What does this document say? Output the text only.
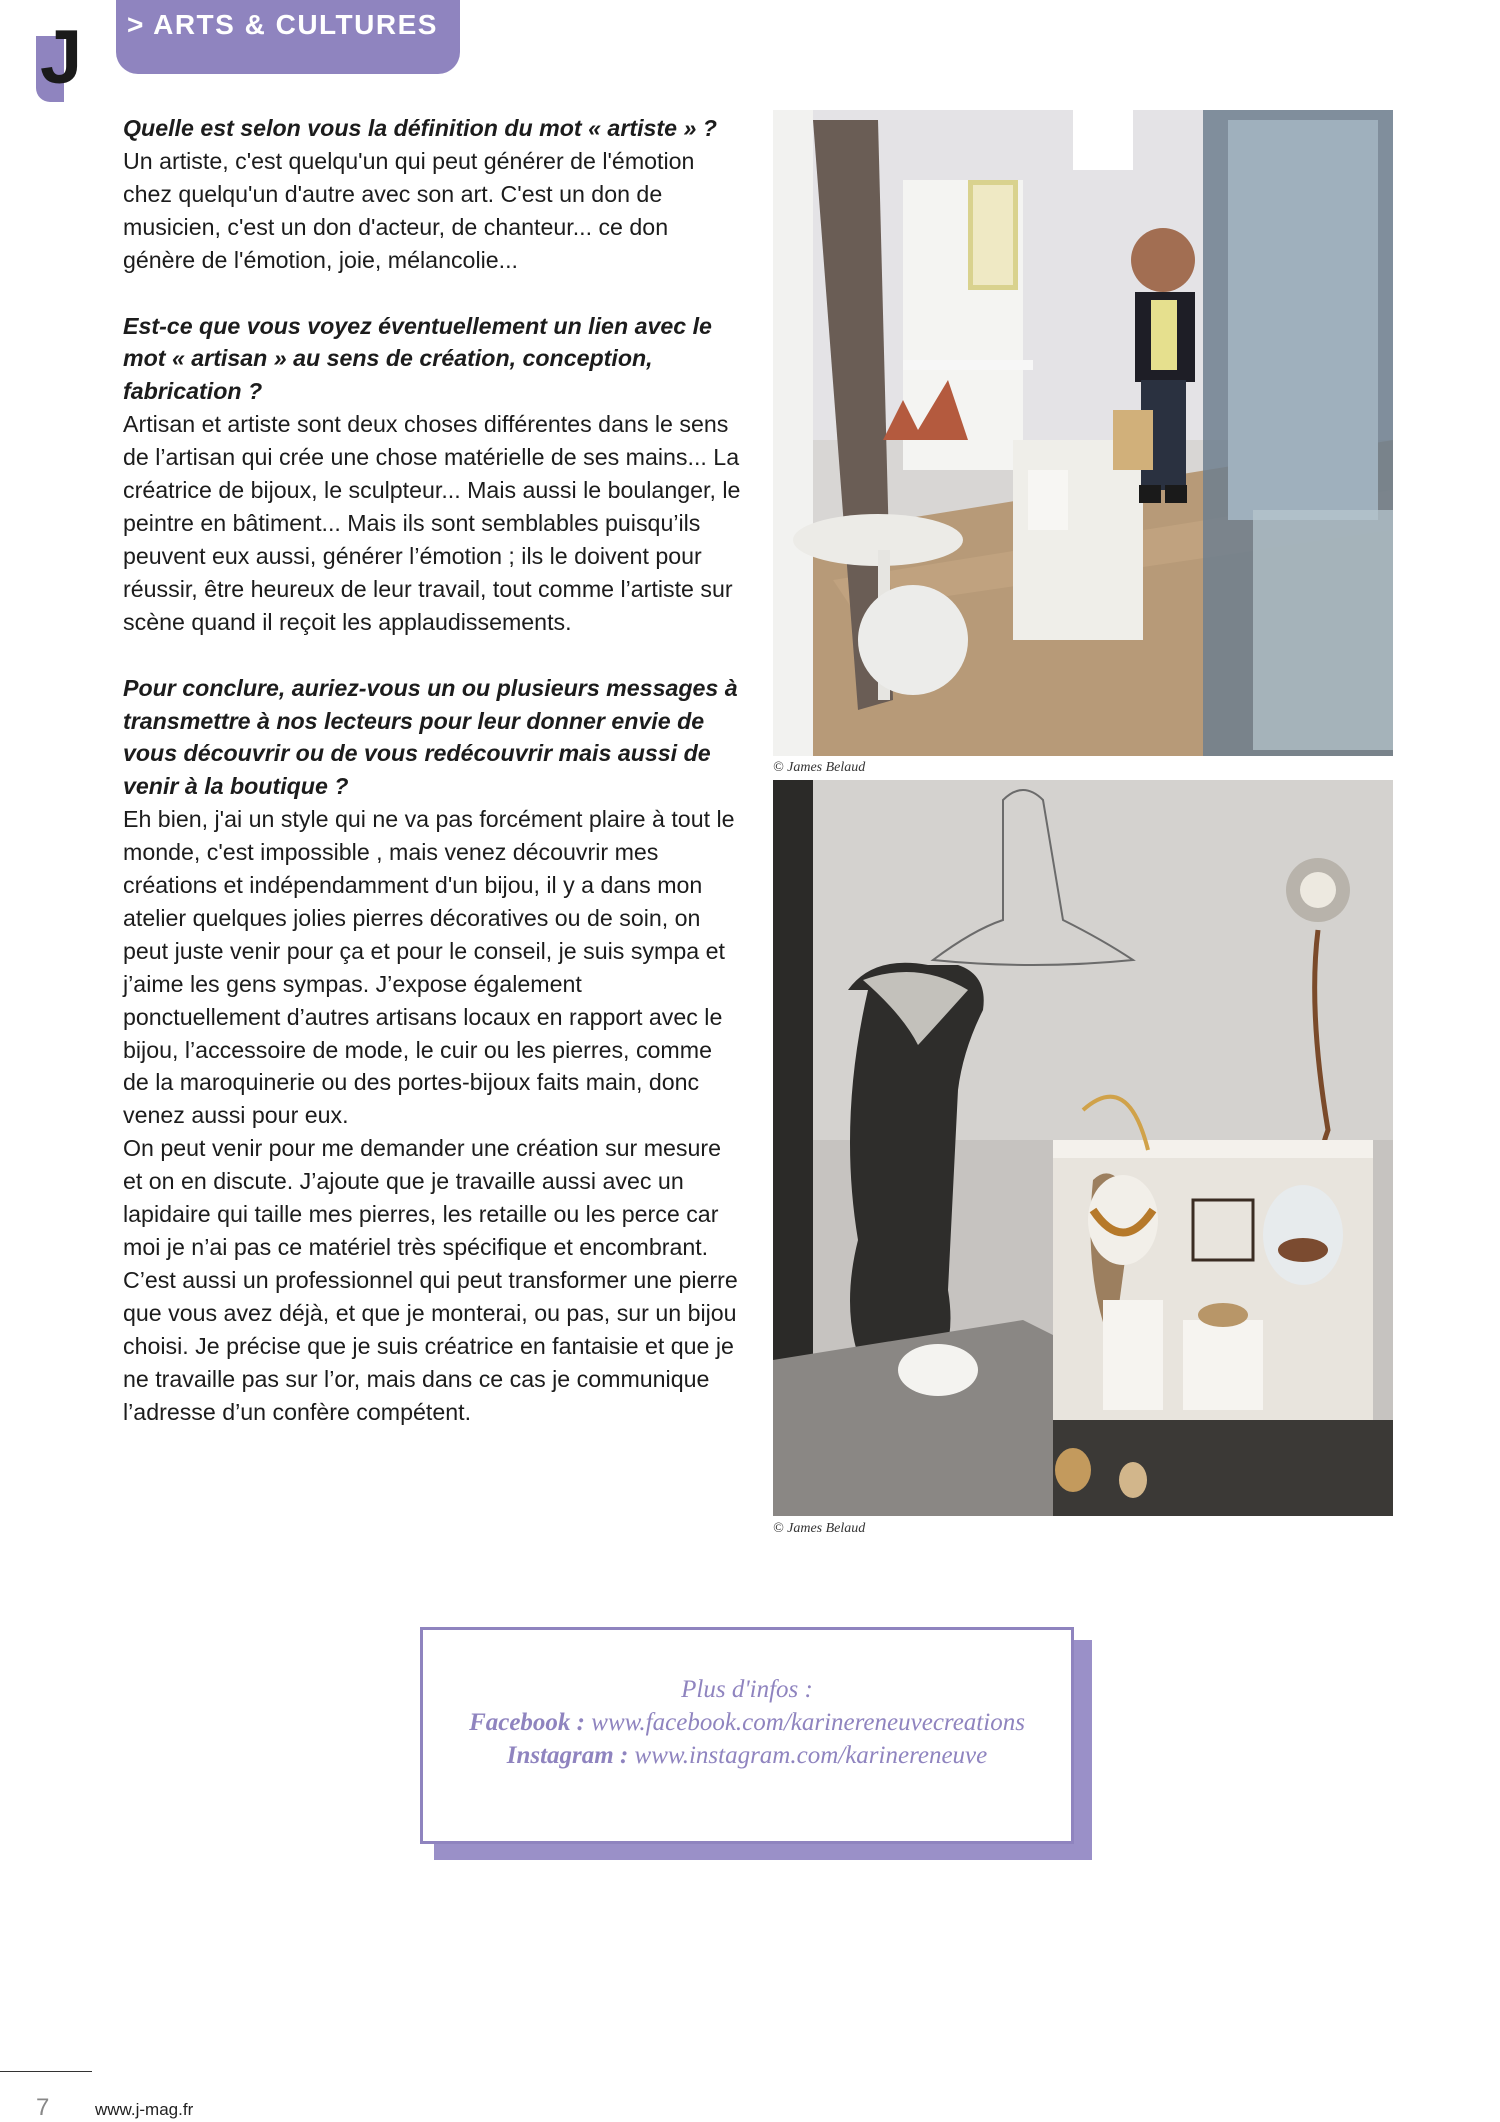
J > ARTS & CULTURES

Quelle est selon vous la définition du mot « artiste » ?

Un artiste, c'est quelqu'un qui peut générer de l'émotion chez quelqu'un d'autre avec son art. C'est un don de musicien, c'est un don d'acteur, de chanteur... ce don génère de l'émotion, joie, mélancolie...

Est-ce que vous voyez éventuellement un lien avec le mot « artisan » au sens de création, conception, fabrication ?

Artisan et artiste sont deux choses différentes dans le sens de l’artisan qui crée une chose matérielle de ses mains... La créatrice de bijoux, le sculpteur... Mais aussi le boulanger, le peintre en bâtiment... Mais ils sont semblables puisqu’ils peuvent eux aussi, générer l’émotion ; ils le doivent pour réussir, être heureux de leur travail, tout comme l’artiste sur scène quand il reçoit les applaudissements.

Pour conclure, auriez-vous un ou plusieurs messages à transmettre à nos lecteurs pour leur donner envie de vous découvrir ou de vous redécouvrir mais aussi de venir à la boutique ?

Eh bien, j'ai un style qui ne va pas forcément plaire à tout le monde, c'est impossible , mais venez découvrir mes créations et indépendamment d'un bijou, il y a dans mon atelier quelques jolies pierres décoratives ou de soin, on peut juste venir pour ça et pour le conseil, je suis sympa et j’aime les gens sympas. J’expose également ponctuellement d’autres artisans locaux en rapport avec le bijou, l’accessoire de mode, le cuir ou les pierres, comme de la maroquinerie ou des portes-bijoux faits main, donc venez aussi pour eux.

On peut venir pour me demander une création sur mesure et on en discute. J’ajoute que je travaille aussi avec un lapidaire qui taille mes pierres, les retaille ou les perce car moi je n’ai pas ce matériel très spécifique et encombrant. C’est aussi un professionnel qui peut transformer une pierre que vous avez déjà, et que je monterai, ou pas, sur un bijou choisi. Je précise que je suis créatrice en fantaisie et que je ne travaille pas sur l’or, mais dans ce cas je communique l’adresse d’un confère compétent.

© James Belaud
© James Belaud
Plus d'infos :
Facebook : www.facebook.com/karinereneuvecreations
Instagram : www.instagram.com/karinereneuve
7	www.j-mag.fr
